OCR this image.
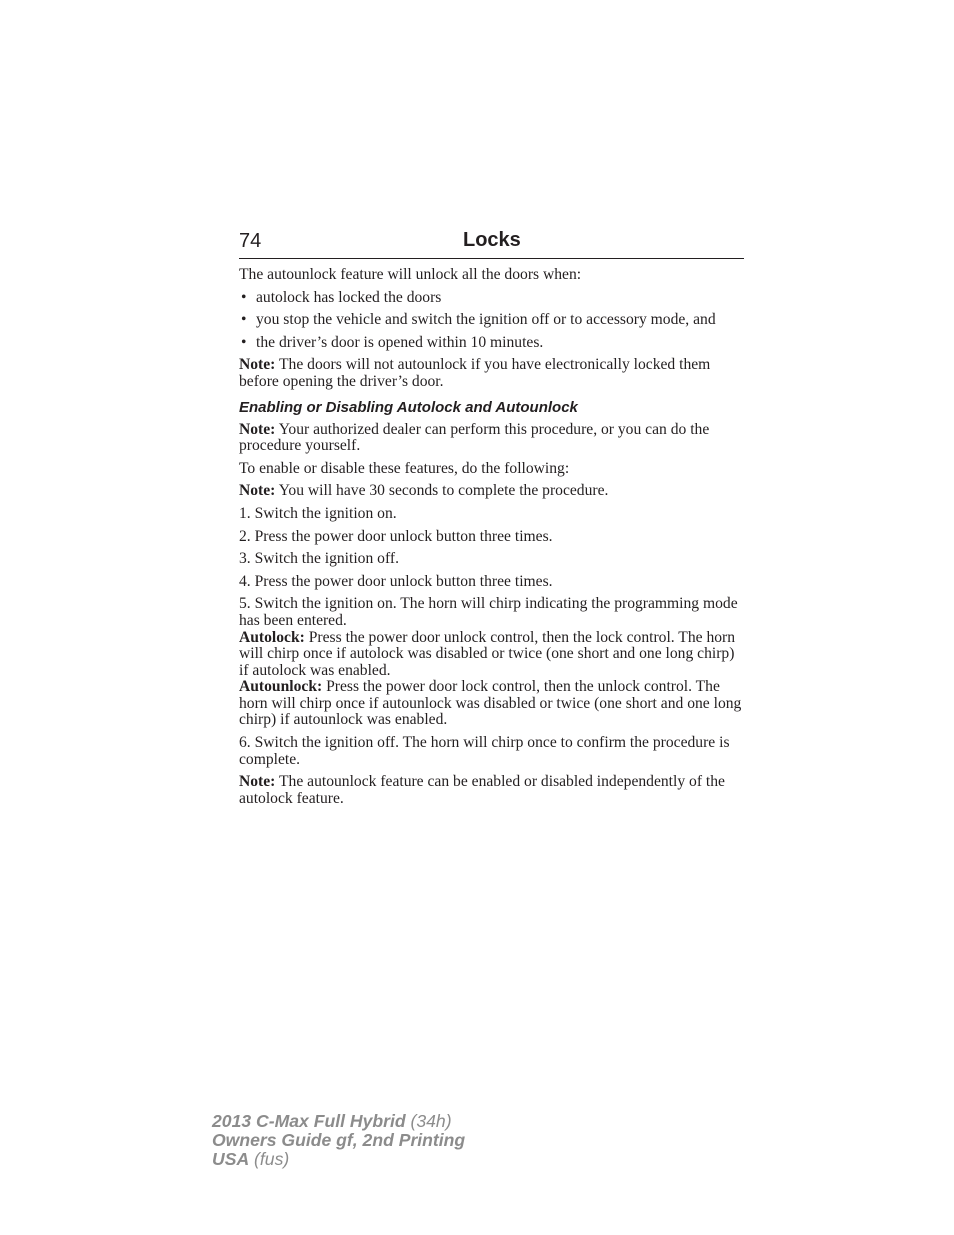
74	Locks

The autounlock feature will unlock all the doors when:

• autolock has locked the doors
• you stop the vehicle and switch the ignition off or to accessory mode, and
• the driver’s door is opened within 10 minutes.

Note: The doors will not autounlock if you have electronically locked them before opening the driver’s door.

Enabling or Disabling Autolock and Autounlock

Note: Your authorized dealer can perform this procedure, or you can do the procedure yourself.

To enable or disable these features, do the following:

Note: You will have 30 seconds to complete the procedure.

1. Switch the ignition on.

2. Press the power door unlock button three times.

3. Switch the ignition off.

4. Press the power door unlock button three times.

5. Switch the ignition on. The horn will chirp indicating the programming mode has been entered.

Autolock: Press the power door unlock control, then the lock control. The horn will chirp once if autolock was disabled or twice (one short and one long chirp) if autolock was enabled.

Autounlock: Press the power door lock control, then the unlock control. The horn will chirp once if autounlock was disabled or twice (one short and one long chirp) if autounlock was enabled.

6. Switch the ignition off. The horn will chirp once to confirm the procedure is complete.

Note: The autounlock feature can be enabled or disabled independently of the autolock feature.

2013 C-Max Full Hybrid (34h)
Owners Guide gf, 2nd Printing
USA (fus)
